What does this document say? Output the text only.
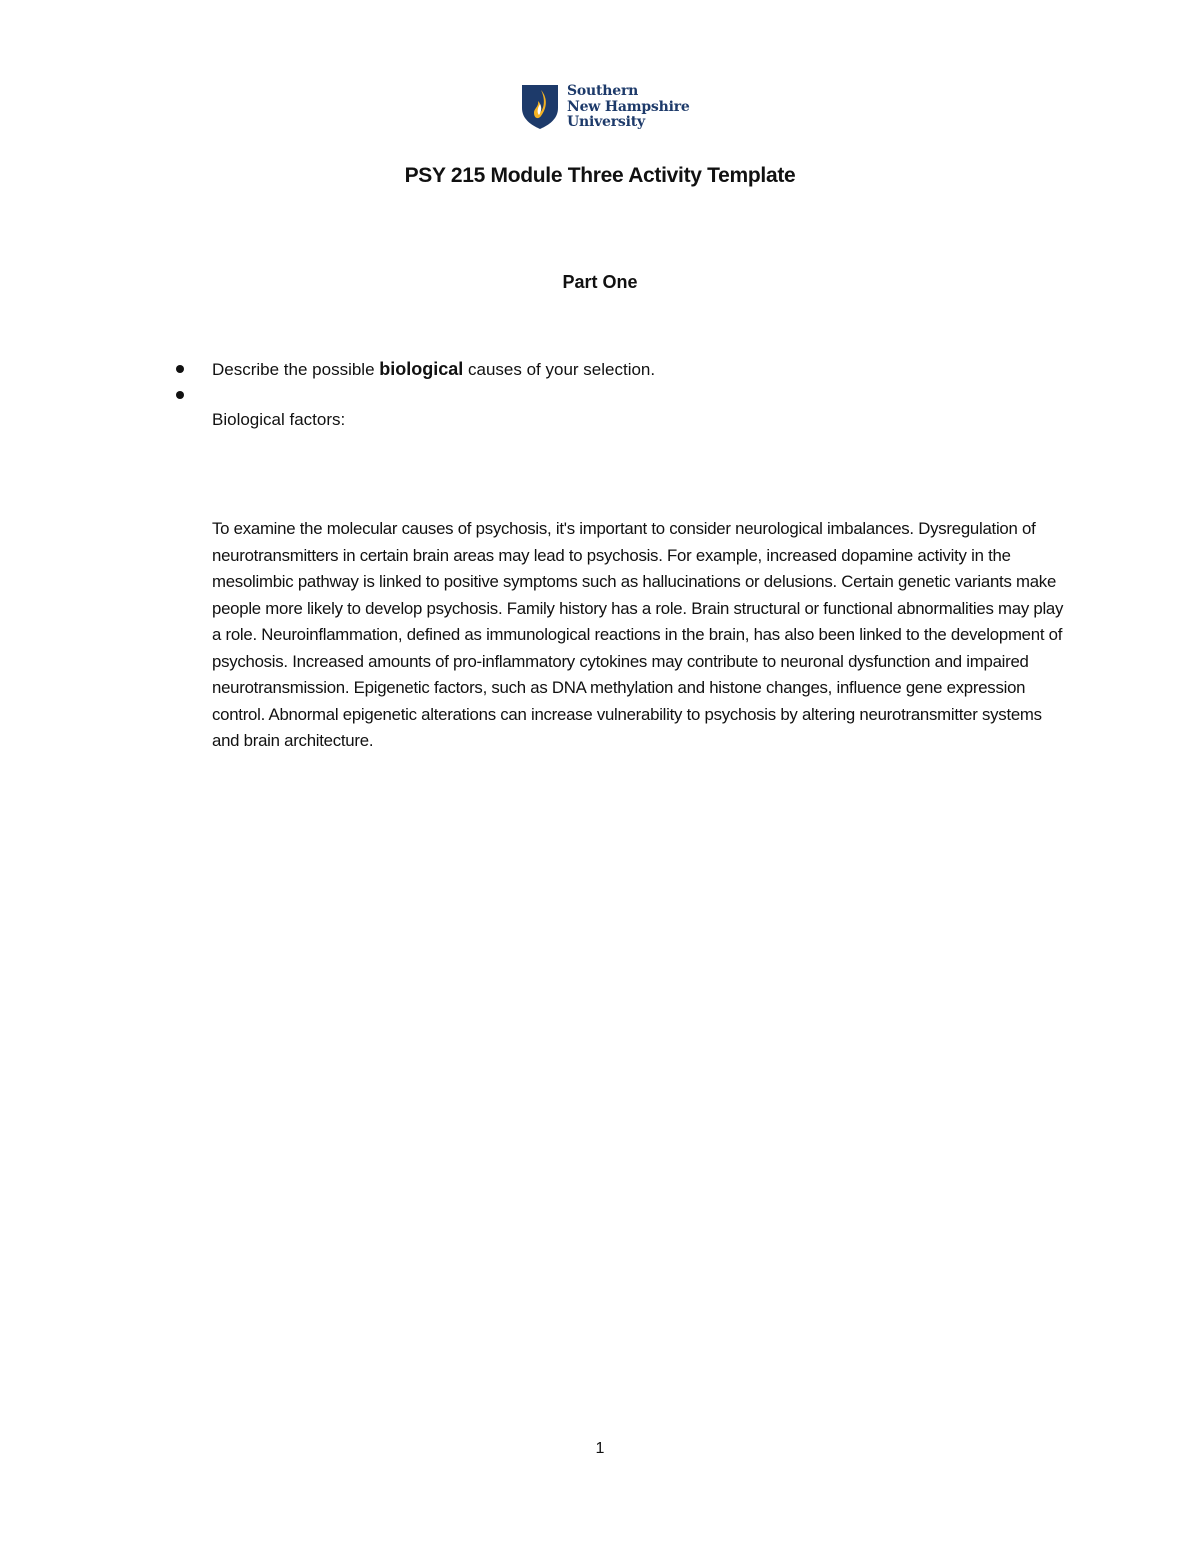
Southern
New Hampshire
University
PSY 215 Module Three Activity Template
Part One
Describe the possible biological causes of your selection.
Biological factors:

To examine the molecular causes of psychosis, it's important to consider neurological imbalances. Dysregulation of neurotransmitters in certain brain areas may lead to psychosis. For example, increased dopamine activity in the mesolimbic pathway is linked to positive symptoms such as hallucinations or delusions. Certain genetic variants make people more likely to develop psychosis. Family history has a role. Brain structural or functional abnormalities may play a role. Neuroinflammation, defined as immunological reactions in the brain, has also been linked to the development of psychosis. Increased amounts of pro-inflammatory cytokines may contribute to neuronal dysfunction and impaired neurotransmission. Epigenetic factors, such as DNA methylation and histone changes, influence gene expression control. Abnormal epigenetic alterations can increase vulnerability to psychosis by altering neurotransmitter systems and brain architecture.

1
